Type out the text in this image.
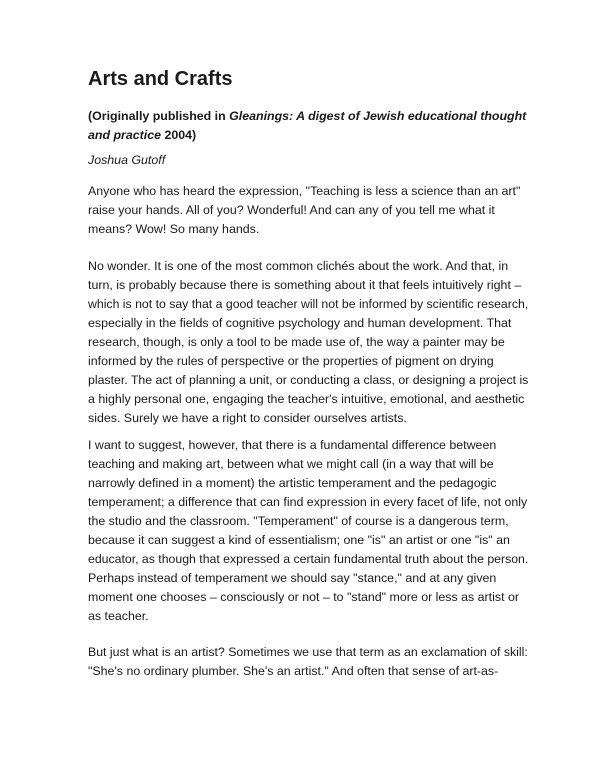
Arts and Crafts

(Originally published in Gleanings: A digest of Jewish educational thought
and practice 2004)

Joshua Gutoff

Anyone who has heard the expression, "Teaching is less a science than an art"
raise your hands. All of you? Wonderful! And can any of you tell me what it
means? Wow! So many hands.

No wonder. It is one of the most common clichés about the work. And that, in
turn, is probably because there is something about it that feels intuitively right –
which is not to say that a good teacher will not be informed by scientific research,
especially in the fields of cognitive psychology and human development. That
research, though, is only a tool to be made use of, the way a painter may be
informed by the rules of perspective or the properties of pigment on drying
plaster. The act of planning a unit, or conducting a class, or designing a project is
a highly personal one, engaging the teacher's intuitive, emotional, and aesthetic
sides. Surely we have a right to consider ourselves artists.

I want to suggest, however, that there is a fundamental difference between
teaching and making art, between what we might call (in a way that will be
narrowly defined in a moment) the artistic temperament and the pedagogic
temperament; a difference that can find expression in every facet of life, not only
the studio and the classroom. "Temperament" of course is a dangerous term,
because it can suggest a kind of essentialism; one "is" an artist or one "is" an
educator, as though that expressed a certain fundamental truth about the person.
Perhaps instead of temperament we should say "stance," and at any given
moment one chooses – consciously or not – to "stand" more or less as artist or
as teacher.

But just what is an artist? Sometimes we use that term as an exclamation of skill:
"She's no ordinary plumber. She's an artist." And often that sense of art-as-
